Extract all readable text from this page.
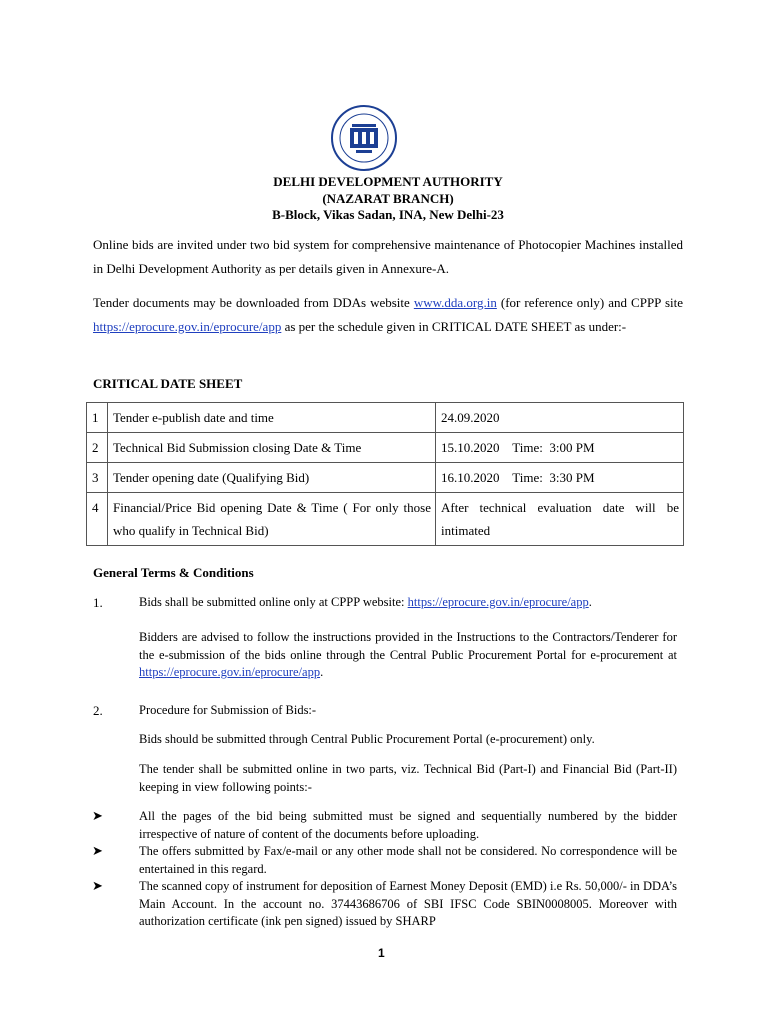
DELHI DEVELOPMENT AUTHORITY
(NAZARAT BRANCH)
B-Block, Vikas Sadan, INA, New Delhi-23
Online bids are invited under two bid system for comprehensive maintenance of Photocopier Machines installed in Delhi Development Authority as per details given in Annexure-A.
Tender documents may be downloaded from DDAs website www.dda.org.in (for reference only) and CPPP site https://eprocure.gov.in/eprocure/app as per the schedule given in CRITICAL DATE SHEET as under:-
CRITICAL DATE SHEET
1	Tender e-publish date and time	24.09.2020
2	Technical Bid Submission closing Date & Time	15.10.2020 Time:  3:00 PM
3	Tender opening date (Qualifying Bid)	16.10.2020 Time:  3:30 PM
4	Financial/Price Bid opening Date & Time ( For only those who qualify in Technical Bid)	After technical evaluation date will be intimated
General Terms & Conditions
1.	Bids shall be submitted online only at CPPP website: https://eprocure.gov.in/eprocure/app.
Bidders are advised to follow the instructions provided in the Instructions to the Contractors/Tenderer for the e-submission of the bids online through the Central Public Procurement Portal for e-procurement at https://eprocure.gov.in/eprocure/app.
2.	Procedure for Submission of Bids:-
Bids should be submitted through Central Public Procurement Portal (e-procurement) only.
The tender shall be submitted online in two parts, viz. Technical Bid (Part-I) and Financial Bid (Part-II) keeping in view following points:-
➤	All the pages of the bid being submitted must be signed and sequentially numbered by the bidder irrespective of nature of content of the documents before uploading.
➤	The offers submitted by Fax/e-mail or any other mode shall not be considered. No correspondence will be entertained in this regard.
➤	The scanned copy of instrument for deposition of Earnest Money Deposit (EMD) i.e Rs. 50,000/- in DDA’s Main Account. In the account no. 37443686706 of SBI IFSC Code SBIN0008005. Moreover with authorization certificate (ink pen signed) issued by SHARP
1
